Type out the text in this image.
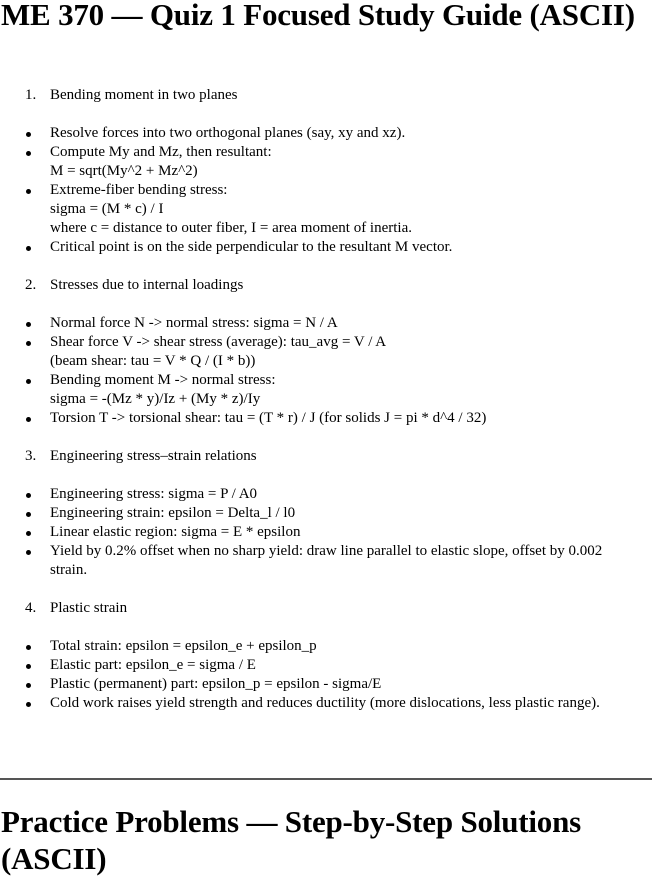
ME 370 — Quiz 1 Focused Study Guide (ASCII)
1. Bending moment in two planes
Resolve forces into two orthogonal planes (say, xy and xz).
Compute My and Mz, then resultant:
M = sqrt(My^2 + Mz^2)
Extreme-fiber bending stress:
sigma = (M * c) / I
where c = distance to outer fiber, I = area moment of inertia.
Critical point is on the side perpendicular to the resultant M vector.
2. Stresses due to internal loadings
Normal force N -> normal stress: sigma = N / A
Shear force V -> shear stress (average): tau_avg = V / A
(beam shear: tau = V * Q / (I * b))
Bending moment M -> normal stress:
sigma = -(Mz * y)/Iz + (My * z)/Iy
Torsion T -> torsional shear: tau = (T * r) / J (for solids J = pi * d^4 / 32)
3. Engineering stress–strain relations
Engineering stress: sigma = P / A0
Engineering strain: epsilon = Delta_l / l0
Linear elastic region: sigma = E * epsilon
Yield by 0.2% offset when no sharp yield: draw line parallel to elastic slope, offset by 0.002 strain.
4. Plastic strain
Total strain: epsilon = epsilon_e + epsilon_p
Elastic part: epsilon_e = sigma / E
Plastic (permanent) part: epsilon_p = epsilon - sigma/E
Cold work raises yield strength and reduces ductility (more dislocations, less plastic range).
Practice Problems — Step-by-Step Solutions (ASCII)
